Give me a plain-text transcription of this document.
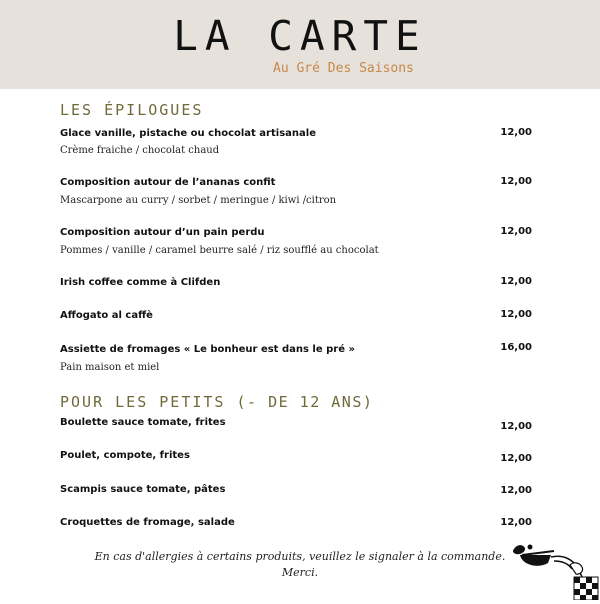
LA CARTE
Au Gré Des Saisons
LES ÉPILOGUES
Glace vanille, pistache ou chocolat artisanale	12,00
Crème fraiche / chocolat chaud
Composition autour de l’ananas confit	12,00
Mascarpone au curry / sorbet / meringue / kiwi /citron
Composition autour d’un pain perdu	12,00
Pommes / vanille / caramel beurre salé / riz soufflé au chocolat
Irish coffee comme à Clifden	12,00
Affogato al caffè	12,00
Assiette de fromages « Le bonheur est dans le pré »	16,00
Pain maison et miel
POUR LES PETITS (- DE 12 ANS)
Boulette sauce tomate, frites	12,00
Poulet, compote, frites	12,00
Scampis sauce tomate, pâtes	12,00
Croquettes de fromage, salade	12,00
En cas d'allergies à certains produits, veuillez le signaler à la commande.
Merci.
